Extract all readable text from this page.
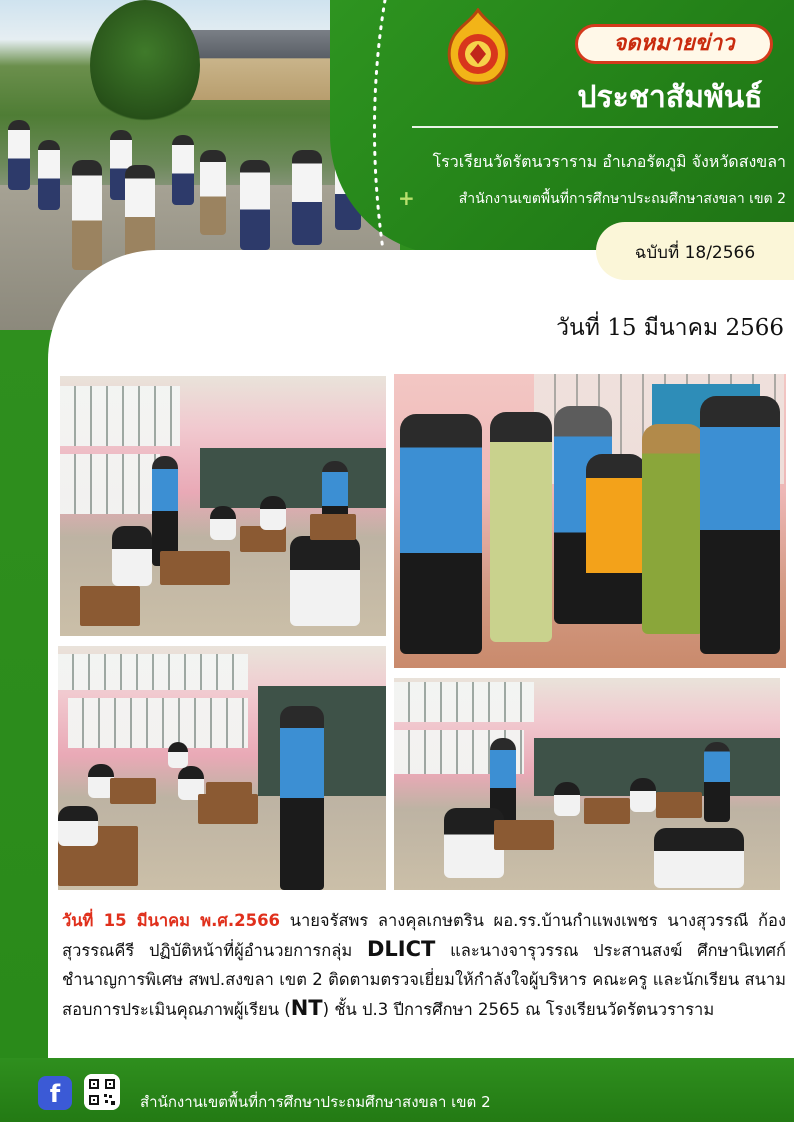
จดหมายข่าว
ประชาสัมพันธ์
โรวเรียนวัดรัตนวราราม อำเภอรัตภูมิ จังหวัดสงขลา
+	สำนักงานเขตพื้นที่การศึกษาประถมศึกษาสงขลา เขต 2
ฉบับที่ 18/2566
วันที่ 15 มีนาคม 2566
วันที่ 15 มีนาคม พ.ศ.2566 นายจรัสพร ลางคุลเกษตริน ผอ.รร.บ้านกำแพงเพชร นางสุวรรณี ก้องสุวรรณคีรี ปฏิบัติหน้าที่ผู้อำนวยการกลุ่ม DLICT และนางจารุวรรณ ประสานสงฆ์ ศึกษานิเทศก์ชำนาญการพิเศษ สพป.สงขลา เขต 2 ติดตามตรวจเยี่ยมให้กำลังใจผู้บริหาร คณะครู และนักเรียน สนามสอบการประเมินคุณภาพผู้เรียน (NT) ชั้น ป.3 ปีการศึกษา 2565 ณ โรงเรียนวัดรัตนวราราม
f	สำนักงานเขตพื้นที่การศึกษาประถมศึกษาสงขลา เขต 2
